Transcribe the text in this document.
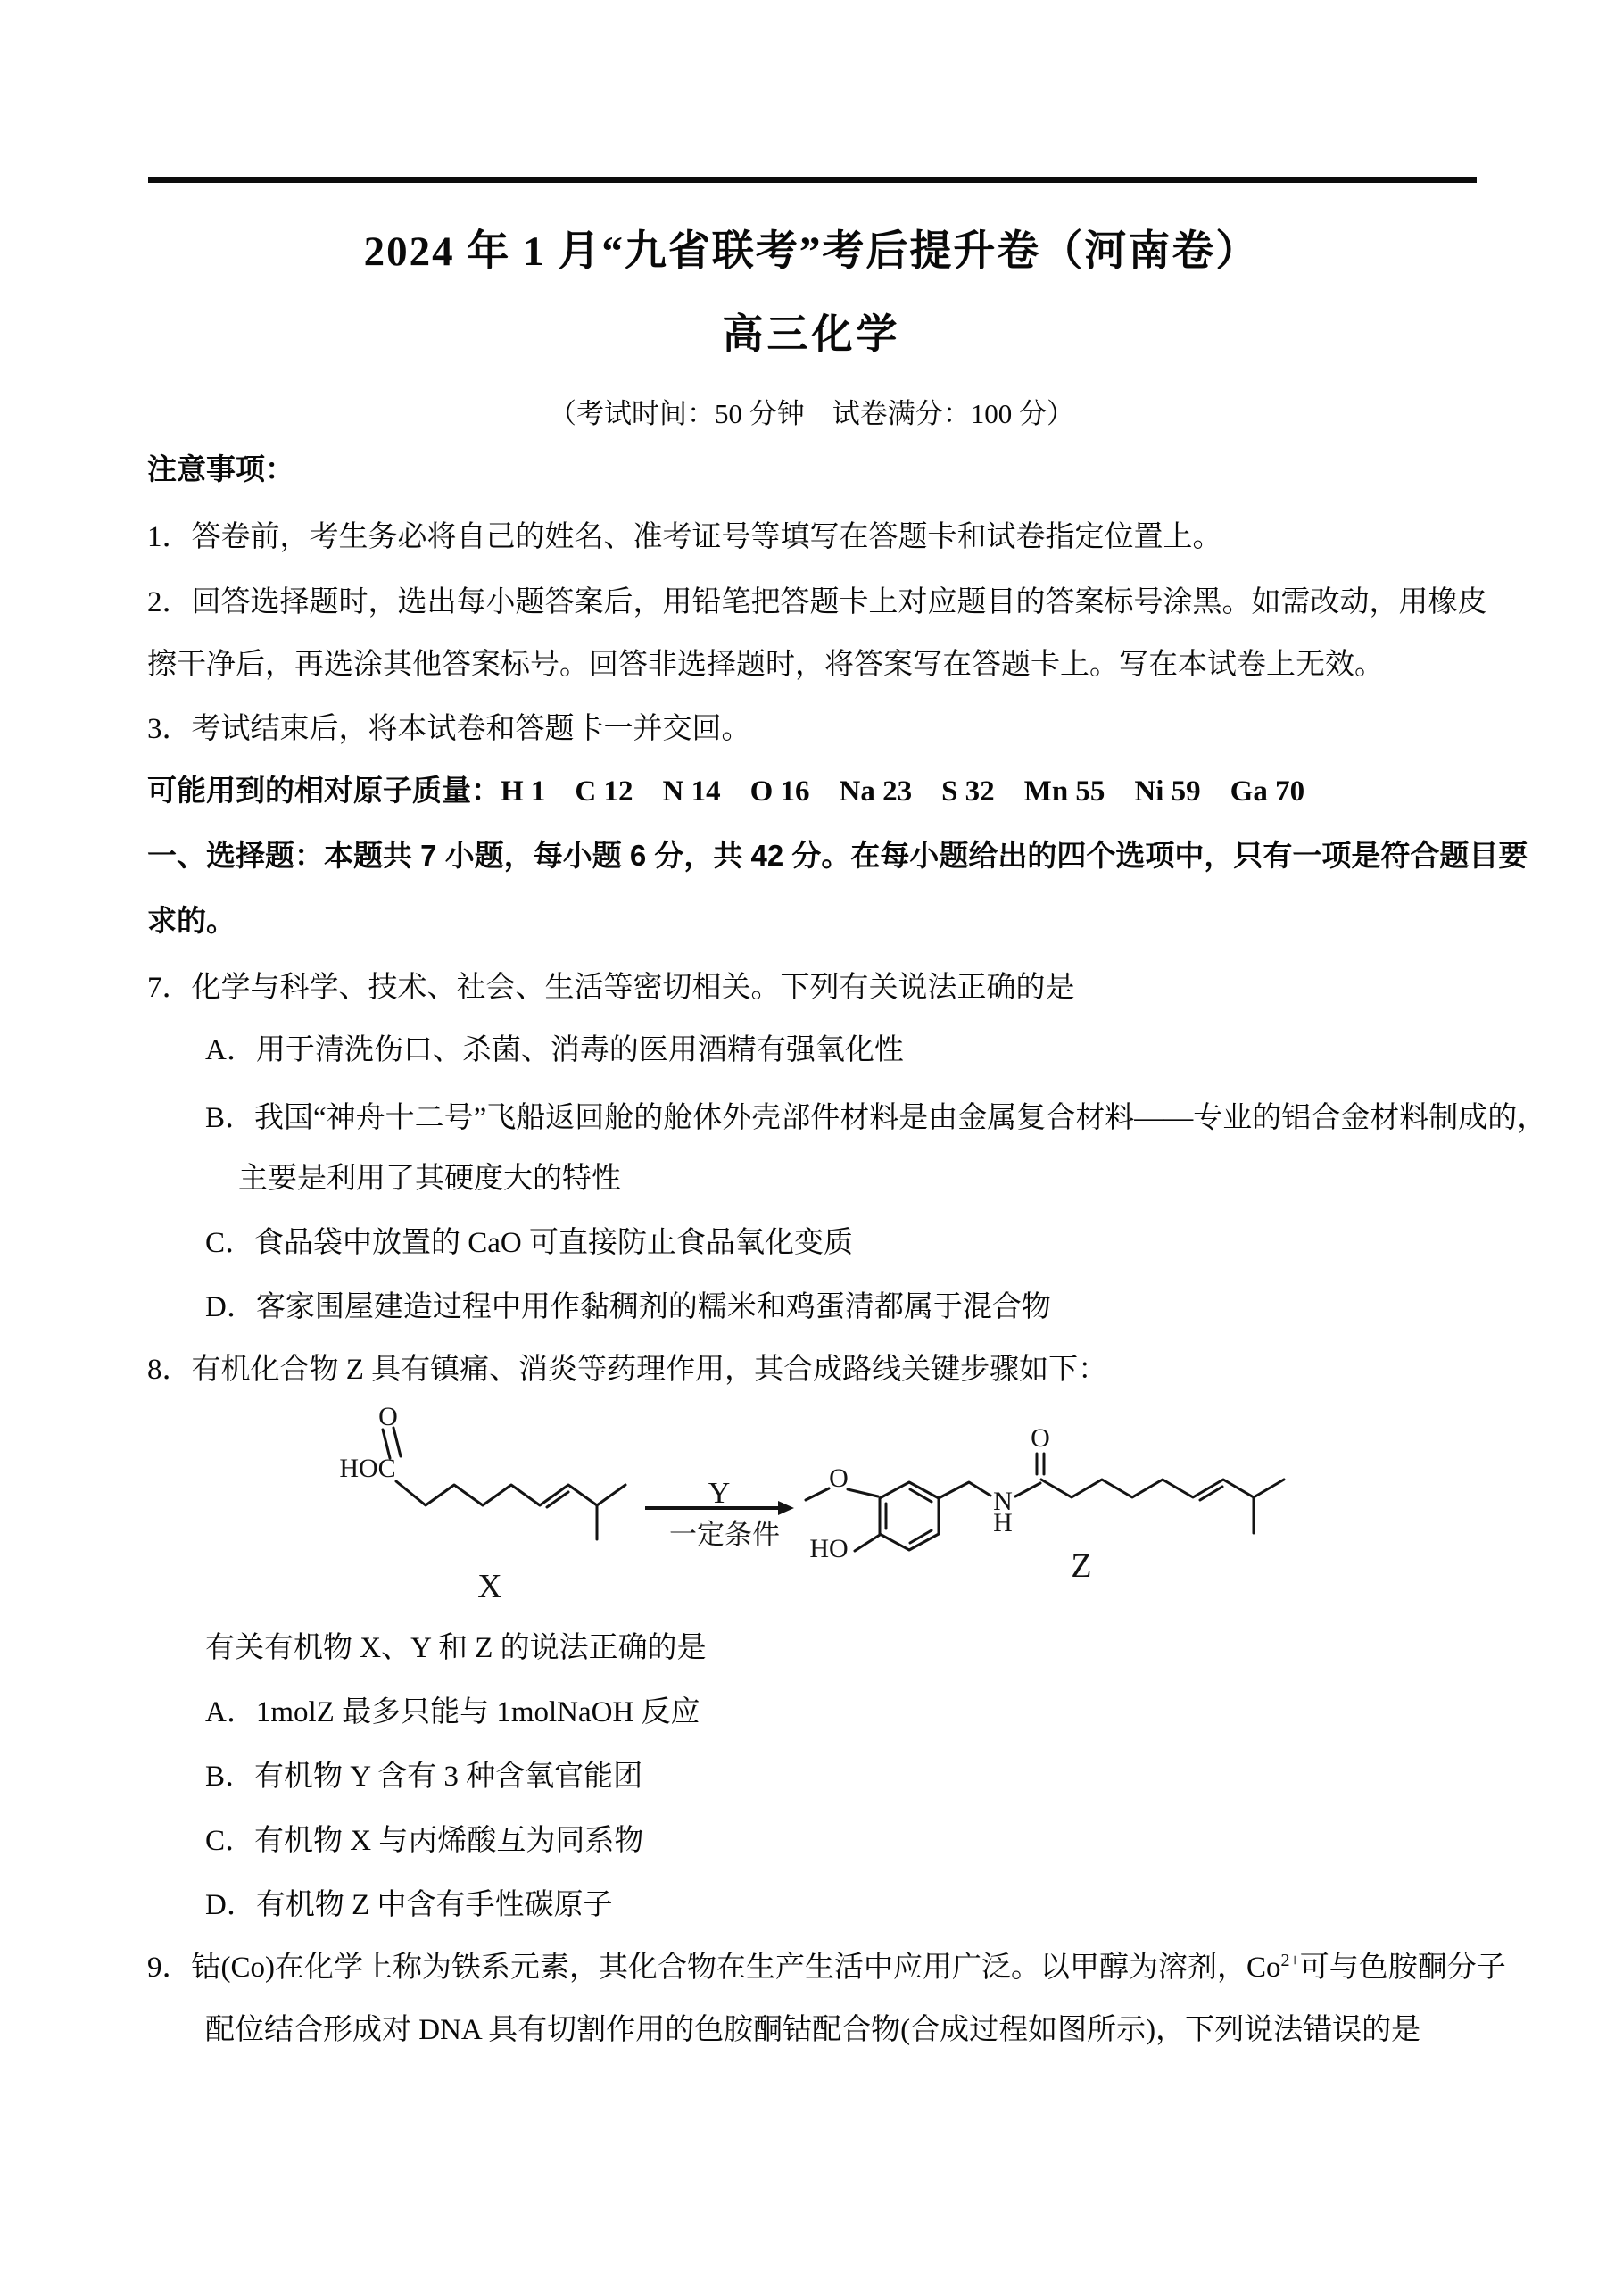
2024 年 1 月“九省联考”考后提升卷（河南卷）
高三化学
（考试时间：50 分钟　试卷满分：100 分）
注意事项：
1．答卷前，考生务必将自己的姓名、准考证号等填写在答题卡和试卷指定位置上。
2．回答选择题时，选出每小题答案后，用铅笔把答题卡上对应题目的答案标号涂黑。如需改动，用橡皮
擦干净后，再选涂其他答案标号。回答非选择题时，将答案写在答题卡上。写在本试卷上无效。
3．考试结束后，将本试卷和答题卡一并交回。
可能用到的相对原子质量：H 1　C 12　N 14　O 16　Na 23　S 32　Mn 55　Ni 59　Ga 70
一、选择题：本题共 7 小题，每小题 6 分，共 42 分。在每小题给出的四个选项中，只有一项是符合题目要
求的。
7．化学与科学、技术、社会、生活等密切相关。下列有关说法正确的是
A．用于清洗伤口、杀菌、消毒的医用酒精有强氧化性
B．我国“神舟十二号”飞船返回舱的舱体外壳部件材料是由金属复合材料——专业的铝合金材料制成的，
主要是利用了其硬度大的特性
C．食品袋中放置的 CaO 可直接防止食品氧化变质
D．客家围屋建造过程中用作黏稠剂的糯米和鸡蛋清都属于混合物
8．有机化合物 Z 具有镇痛、消炎等药理作用，其合成路线关键步骤如下：
O
HOC
X
Y
一定条件
O
HO
N
H
O
Z
有关有机物 X、Y 和 Z 的说法正确的是
A．1molZ 最多只能与 1molNaOH 反应
B．有机物 Y 含有 3 种含氧官能团
C．有机物 X 与丙烯酸互为同系物
D．有机物 Z 中含有手性碳原子
9．钴(Co)在化学上称为铁系元素，其化合物在生产生活中应用广泛。以甲醇为溶剂，$Co^{2+}$可与色胺酮分子
配位结合形成对 DNA 具有切割作用的色胺酮钴配合物(合成过程如图所示)，下列说法错误的是
